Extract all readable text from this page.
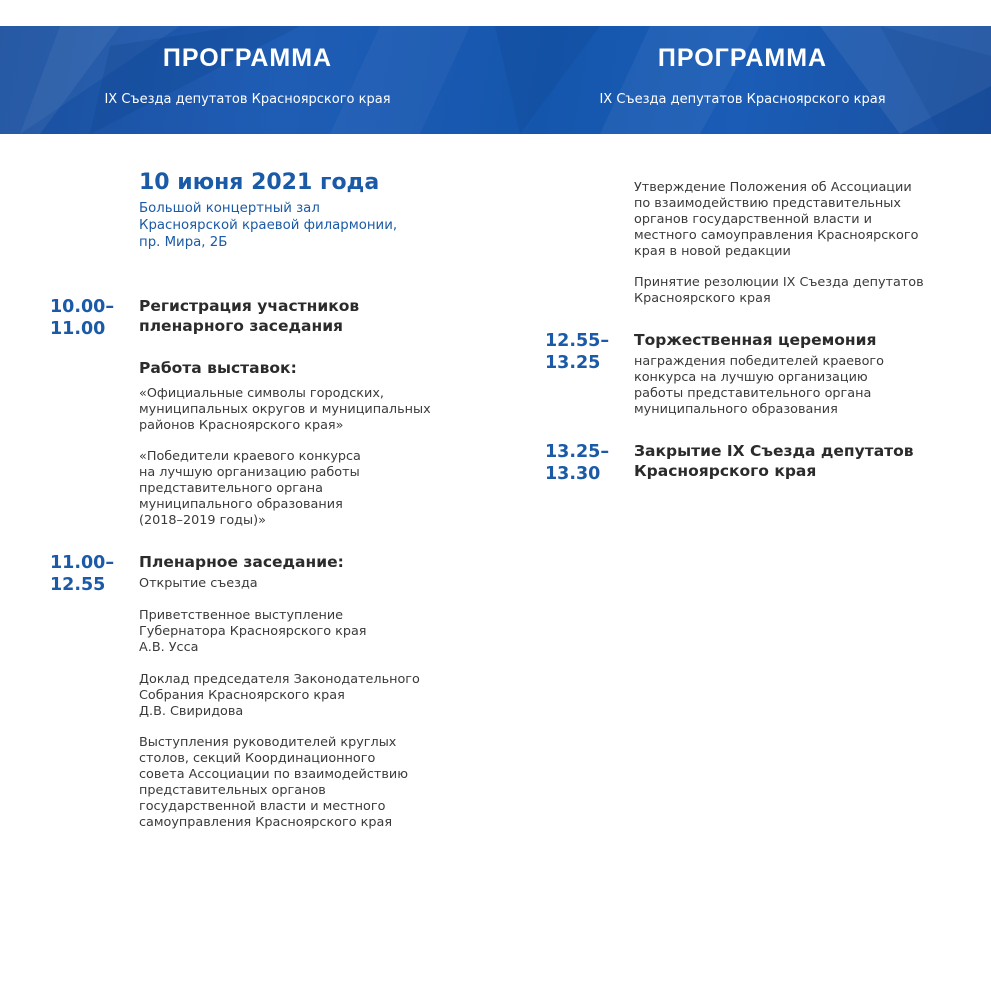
ПРОГРАММА
IX Съезда депутатов Красноярского края
ПРОГРАММА
IX Съезда депутатов Красноярского края
10 июня 2021 года
Большой концертный зал
Красноярской краевой филармонии,
пр. Мира, 2Б
10.00–
11.00
Регистрация участников
пленарного заседания
Работа выставок:
«Официальные символы городских,
муниципальных округов и муниципальных
районов Красноярского края»
«Победители краевого конкурса
на лучшую организацию работы
представительного органа
муниципального образования
(2018–2019 годы)»
11.00–
12.55
Пленарное заседание:
Открытие съезда
Приветственное выступление
Губернатора Красноярского края
А.В. Усса
Доклад председателя Законодательного
Собрания Красноярского края
Д.В. Свиридова
Выступления руководителей круглых
столов, секций Координационного
совета Ассоциации по взаимодействию
представительных органов
государственной власти и местного
самоуправления Красноярского края
Утверждение Положения об Ассоциации
по взаимодействию представительных
органов государственной власти и
местного самоуправления Красноярского
края в новой редакции
Принятие резолюции IX Съезда депутатов
Красноярского края
12.55–
13.25
Торжественная церемония
награждения победителей краевого
конкурса на лучшую организацию
работы представительного органа
муниципального образования
13.25–
13.30
Закрытие IX Съезда депутатов
Красноярского края
